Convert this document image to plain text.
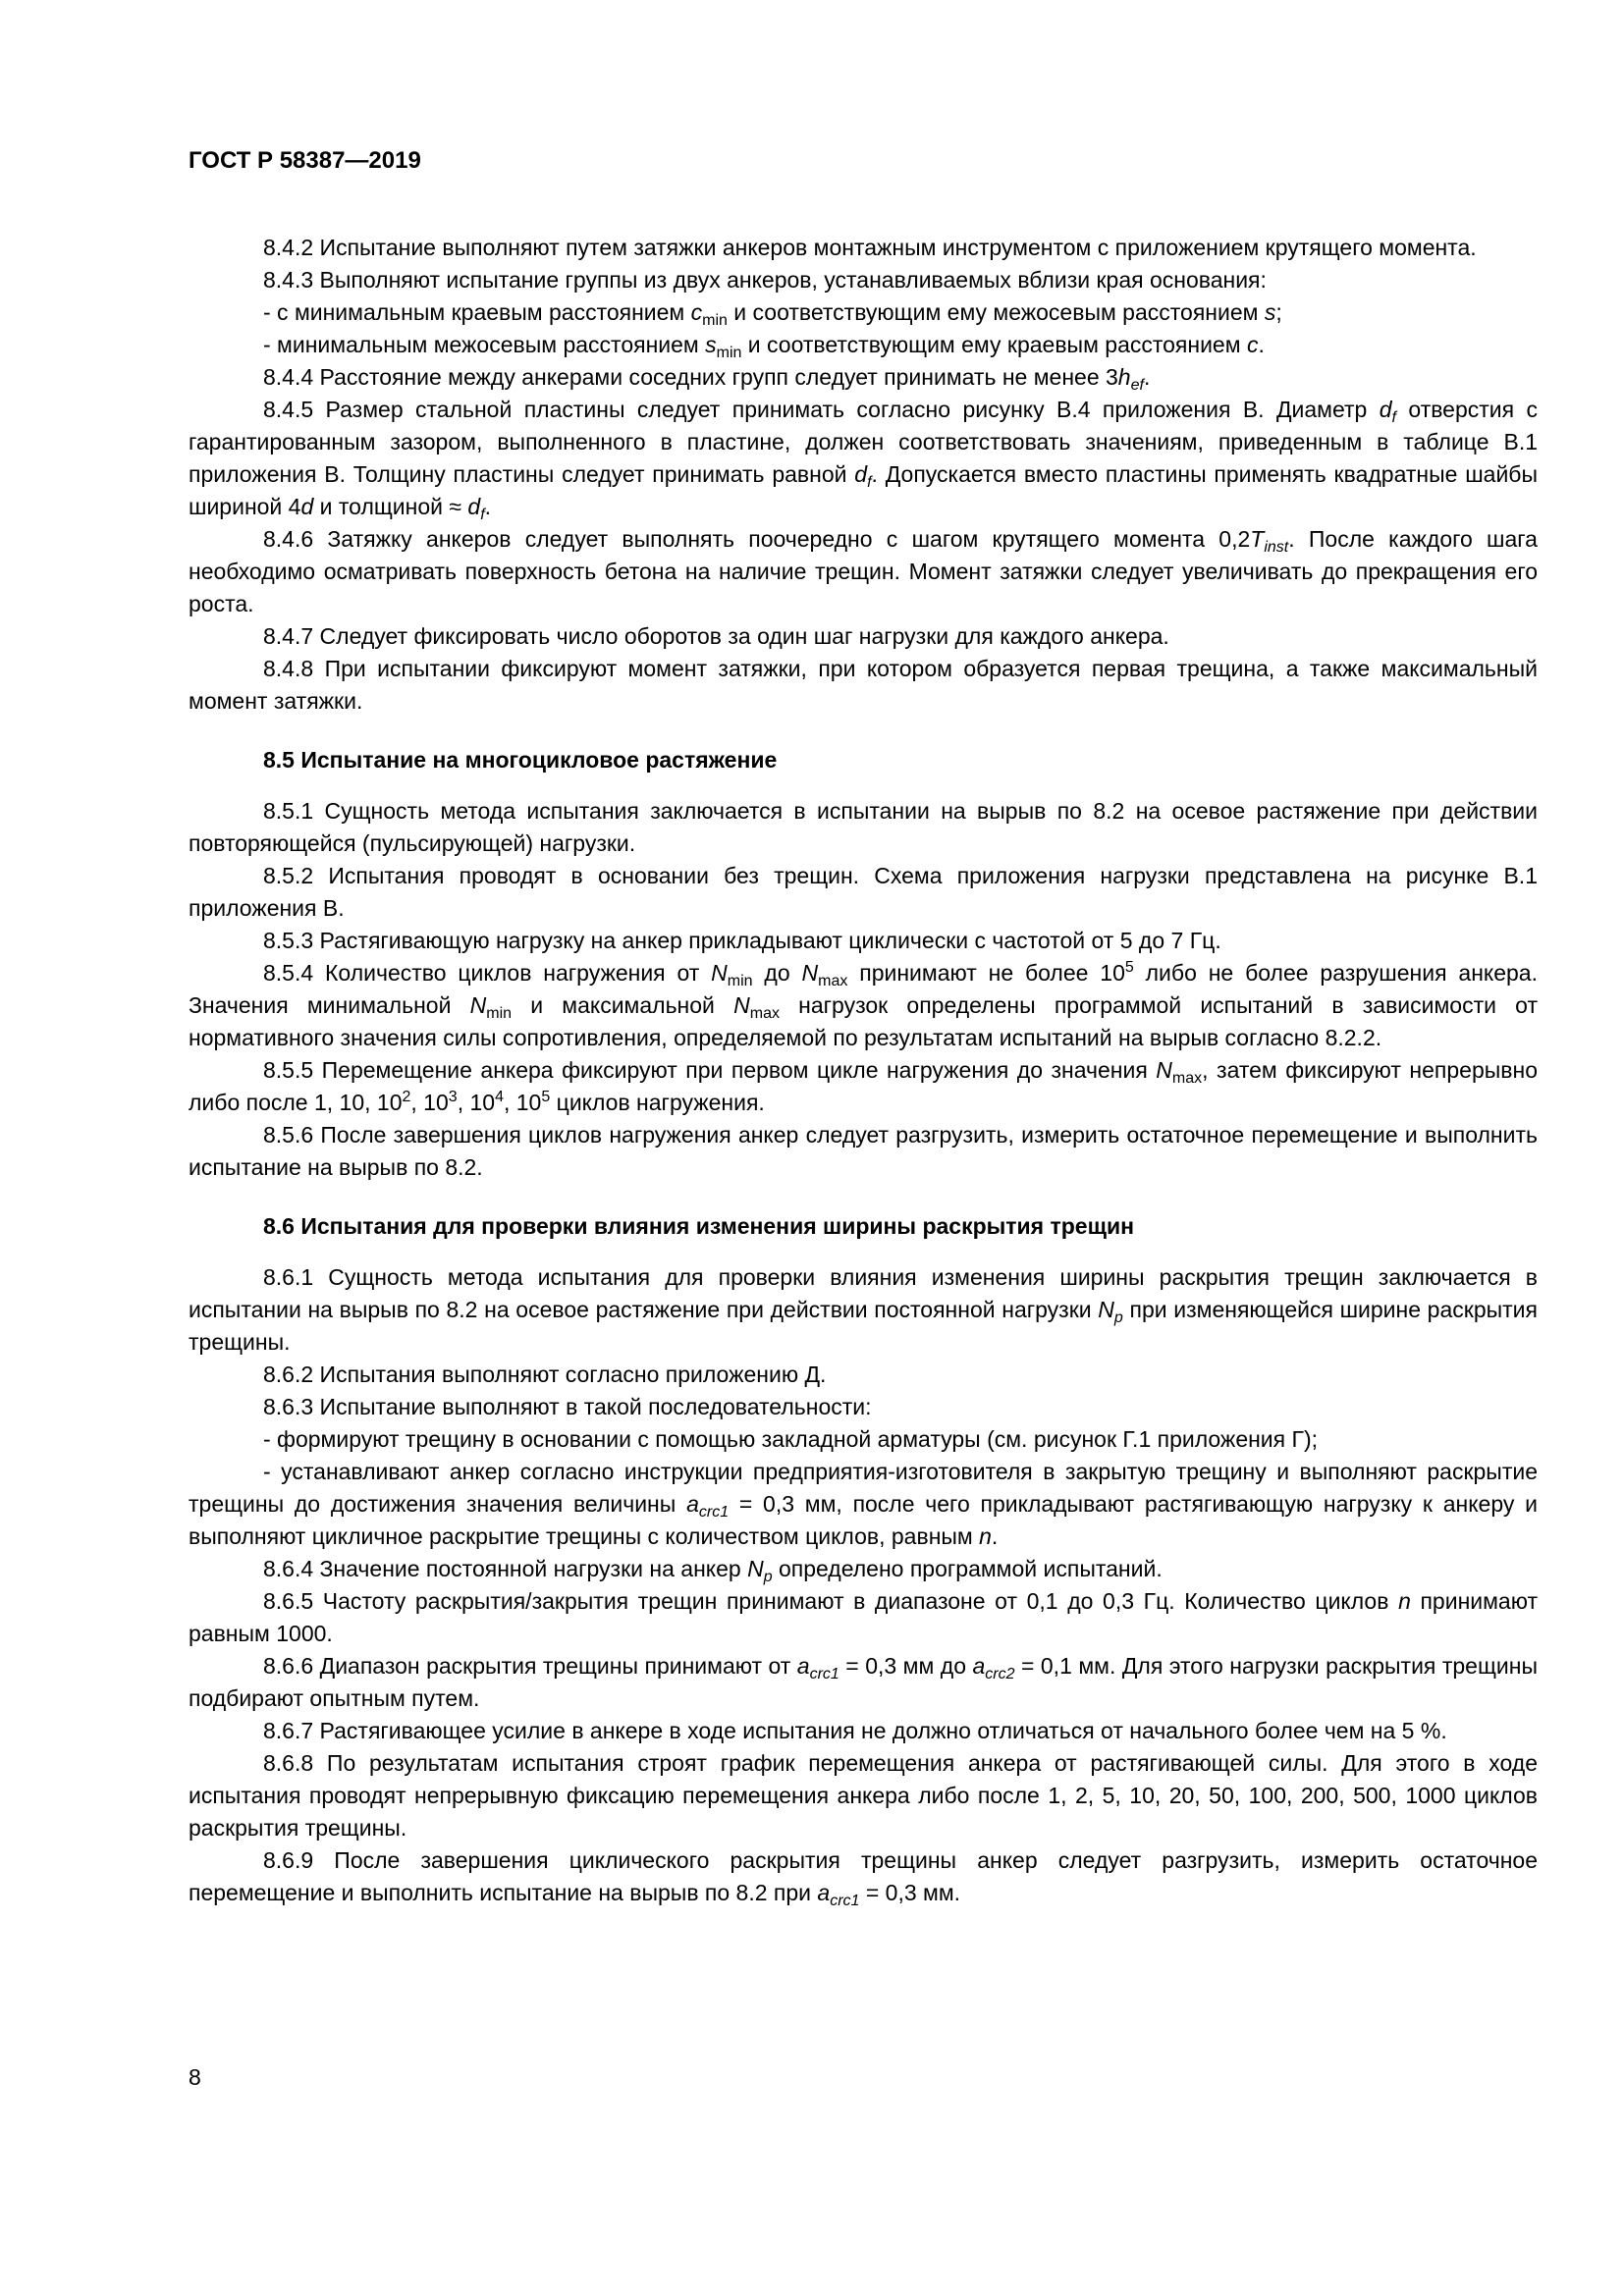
ГОСТ Р 58387—2019

8.4.2 Испытание выполняют путем затяжки анкеров монтажным инструментом с приложением крутящего момента.

8.4.3 Выполняют испытание группы из двух анкеров, устанавливаемых вблизи края основания:

- с минимальным краевым расстоянием $c_{min}$ и соответствующим ему межосевым расстоянием s;

- минимальным межосевым расстоянием $s_{min}$ и соответствующим ему краевым расстоянием c.

8.4.4 Расстояние между анкерами соседних групп следует принимать не менее $3h_{ef}$.

8.4.5 Размер стальной пластины следует принимать согласно рисунку В.4 приложения В. Диаметр $d_f$ отверстия с гарантированным зазором, выполненного в пластине, должен соответствовать значениям, приведенным в таблице В.1 приложения В. Толщину пластины следует принимать равной $d_f$. Допускается вместо пластины применять квадратные шайбы шириной 4d и толщиной ≈ $d_f$.

8.4.6 Затяжку анкеров следует выполнять поочередно с шагом крутящего момента $0,2T_{inst}$. После каждого шага необходимо осматривать поверхность бетона на наличие трещин. Момент затяжки следует увеличивать до прекращения его роста.

8.4.7 Следует фиксировать число оборотов за один шаг нагрузки для каждого анкера.

8.4.8 При испытании фиксируют момент затяжки, при котором образуется первая трещина, а также максимальный момент затяжки.

8.5 Испытание на многоцикловое растяжение

8.5.1 Сущность метода испытания заключается в испытании на вырыв по 8.2 на осевое растяжение при действии повторяющейся (пульсирующей) нагрузки.

8.5.2 Испытания проводят в основании без трещин. Схема приложения нагрузки представлена на рисунке В.1 приложения В.

8.5.3 Растягивающую нагрузку на анкер прикладывают циклически с частотой от 5 до 7 Гц.

8.5.4 Количество циклов нагружения от $N_{min}$ до $N_{max}$ принимают не более $10^5$ либо не более разрушения анкера. Значения минимальной $N_{min}$ и максимальной $N_{max}$ нагрузок определены программой испытаний в зависимости от нормативного значения силы сопротивления, определяемой по результатам испытаний на вырыв согласно 8.2.2.

8.5.5 Перемещение анкера фиксируют при первом цикле нагружения до значения $N_{max}$, затем фиксируют непрерывно либо после 1, 10, $10^2$, $10^3$, $10^4$, $10^5$ циклов нагружения.

8.5.6 После завершения циклов нагружения анкер следует разгрузить, измерить остаточное перемещение и выполнить испытание на вырыв по 8.2.

8.6 Испытания для проверки влияния изменения ширины раскрытия трещин

8.6.1 Сущность метода испытания для проверки влияния изменения ширины раскрытия трещин заключается в испытании на вырыв по 8.2 на осевое растяжение при действии постоянной нагрузки $N_p$ при изменяющейся ширине раскрытия трещины.

8.6.2 Испытания выполняют согласно приложению Д.

8.6.3 Испытание выполняют в такой последовательности:

- формируют трещину в основании с помощью закладной арматуры (см. рисунок Г.1 приложения Г);

- устанавливают анкер согласно инструкции предприятия-изготовителя в закрытую трещину и выполняют раскрытие трещины до достижения значения величины $a_{crc1} = 0,3$ мм, после чего прикладывают растягивающую нагрузку к анкеру и выполняют цикличное раскрытие трещины с количеством циклов, равным n.

8.6.4 Значение постоянной нагрузки на анкер $N_p$ определено программой испытаний.

8.6.5 Частоту раскрытия/закрытия трещин принимают в диапазоне от 0,1 до 0,3 Гц. Количество циклов n принимают равным 1000.

8.6.6 Диапазон раскрытия трещины принимают от $a_{crc1} = 0,3$ мм до $a_{crc2} = 0,1$ мм. Для этого нагрузки раскрытия трещины подбирают опытным путем.

8.6.7 Растягивающее усилие в анкере в ходе испытания не должно отличаться от начального более чем на 5 %.

8.6.8 По результатам испытания строят график перемещения анкера от растягивающей силы. Для этого в ходе испытания проводят непрерывную фиксацию перемещения анкера либо после 1, 2, 5, 10, 20, 50, 100, 200, 500, 1000 циклов раскрытия трещины.

8.6.9 После завершения циклического раскрытия трещины анкер следует разгрузить, измерить остаточное перемещение и выполнить испытание на вырыв по 8.2 при $a_{crc1} = 0,3$ мм.

8
